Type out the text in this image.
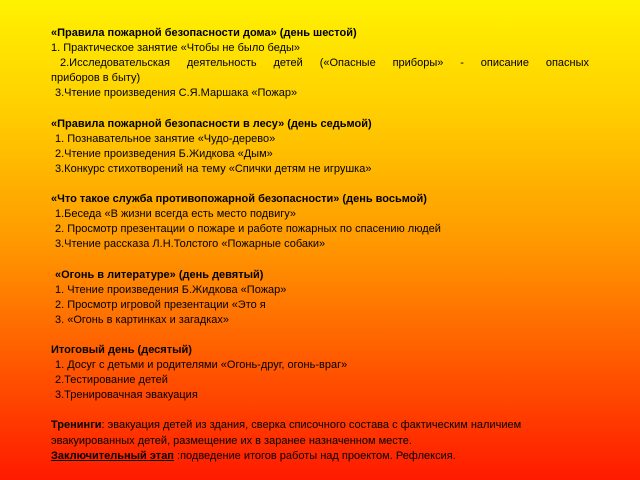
«Правила пожарной безопасности дома» (день шестой)
1. Практическое занятие «Чтобы не было беды»
2.Исследовательская деятельность детей («Опасные приборы» - описание опасных
приборов в быту)
3.Чтение произведения С.Я.Маршака «Пожар»
«Правила пожарной безопасности в лесу» (день седьмой)
1. Познавательное занятие «Чудо-дерево»
2.Чтение произведения Б.Жидкова «Дым»
3.Конкурс стихотворений на тему «Спички детям не игрушка»
«Что такое служба противопожарной безопасности» (день восьмой)
1.Беседа «В жизни всегда есть место подвигу»
2. Просмотр презентации о пожаре и работе пожарных по спасению людей
3.Чтение рассказа Л.Н.Толстого «Пожарные собаки»
«Огонь в литературе» (день девятый)
1. Чтение произведения Б.Жидкова «Пожар»
2. Просмотр игровой презентации «Это я
3. «Огонь в картинках и загадках»
Итоговый день (десятый)
1. Досуг с детьми и родителями «Огонь-друг, огонь-враг»
2.Тестирование детей
3.Тренировачная эвакуация
Тренинги: эвакуация детей из здания, сверка списочного состава с фактическим наличием
эвакуированных детей, размещение их в заранее назначенном месте.
Заключительный этап :подведение итогов работы над проектом. Рефлексия.
